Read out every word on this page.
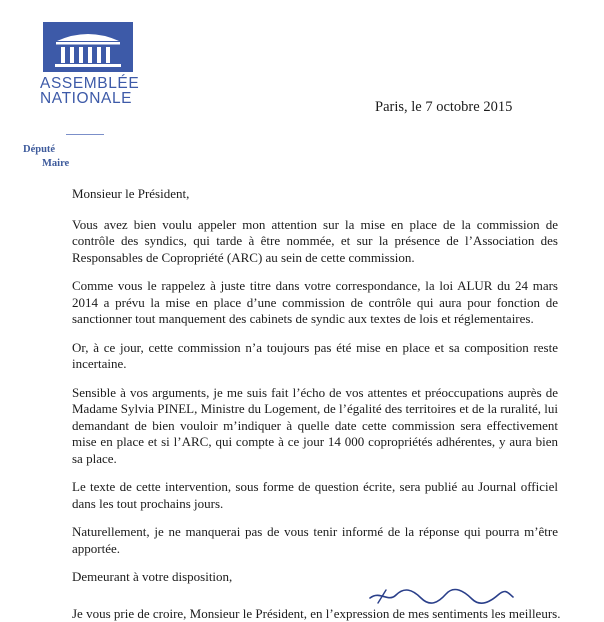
ASSEMBLÉE
NATIONALE	Paris, le 7 octobre 2015
Député
Maire

Monsieur le Président,

Vous avez bien voulu appeler mon attention sur la mise en place de la commission de contrôle des syndics, qui tarde à être nommée, et sur la présence de l’Association des Responsables de Copropriété (ARC) au sein de cette commission.

Comme vous le rappelez à juste titre dans votre correspondance, la loi ALUR du 24 mars 2014 a prévu la mise en place d’une commission de contrôle qui aura pour fonction de sanctionner tout manquement des cabinets de syndic aux textes de lois et réglementaires.

Or, à ce jour, cette commission n’a toujours pas été mise en place et sa composition reste incertaine.

Sensible à vos arguments, je me suis fait l’écho de vos attentes et préoccupations auprès de Madame Sylvia PINEL, Ministre du Logement, de l’égalité des territoires et de la ruralité, lui demandant de bien vouloir m’indiquer à quelle date cette commission sera effectivement mise en place et si l’ARC, qui compte à ce jour 14 000 copropriétés adhérentes, y aura bien sa place.

Le texte de cette intervention, sous forme de question écrite, sera publié au Journal officiel dans les tout prochains jours.

Naturellement, je ne manquerai pas de vous tenir informé de la réponse qui pourra m’être apportée.

Demeurant à votre disposition,

Je vous prie de croire, Monsieur le Président, en l’expression de mes sentiments les meilleurs.
